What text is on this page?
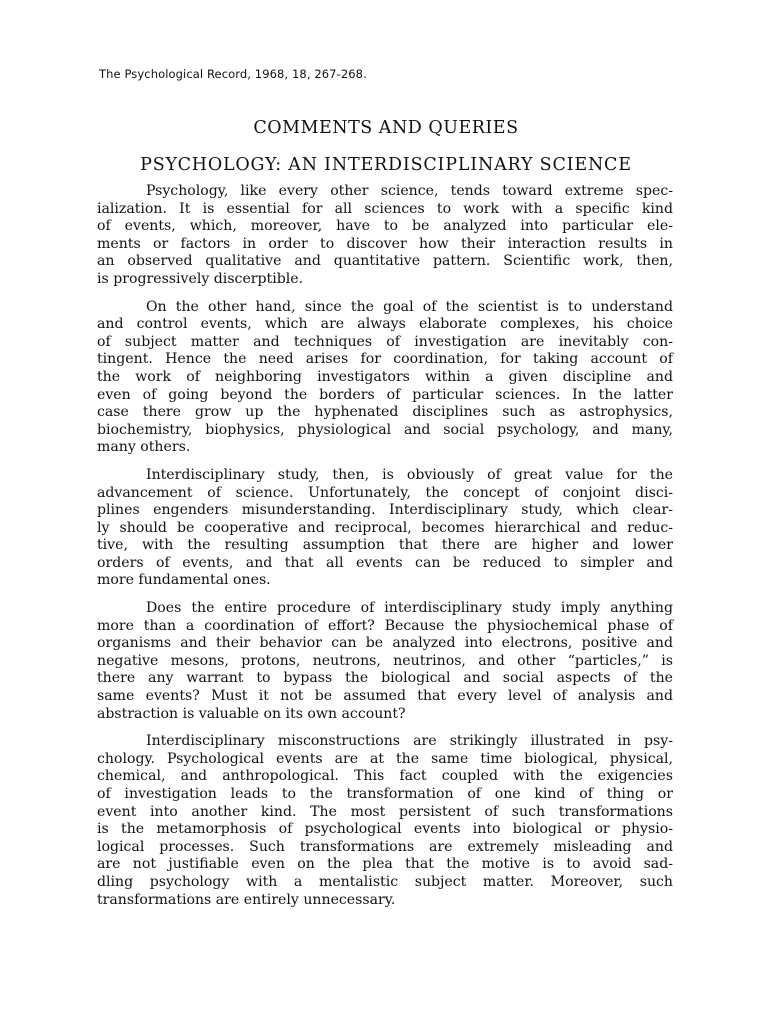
The Psychological Record, 1968, 18, 267-268.
COMMENTS AND QUERIES
PSYCHOLOGY: AN INTERDISCIPLINARY SCIENCE
Psychology, like every other science, tends toward extreme spec-
ialization. It is essential for all sciences to work with a specific kind
of events, which, moreover, have to be analyzed into particular ele-
ments or factors in order to discover how their interaction results in
an observed qualitative and quantitative pattern. Scientific work, then,
is progressively discerptible.
On the other hand, since the goal of the scientist is to understand
and control events, which are always elaborate complexes, his choice
of subject matter and techniques of investigation are inevitably con-
tingent. Hence the need arises for coordination, for taking account of
the work of neighboring investigators within a given discipline and
even of going beyond the borders of particular sciences. In the latter
case there grow up the hyphenated disciplines such as astrophysics,
biochemistry, biophysics, physiological and social psychology, and many,
many others.
Interdisciplinary study, then, is obviously of great value for the
advancement of science. Unfortunately, the concept of conjoint disci-
plines engenders misunderstanding. Interdisciplinary study, which clear-
ly should be cooperative and reciprocal, becomes hierarchical and reduc-
tive, with the resulting assumption that there are higher and lower
orders of events, and that all events can be reduced to simpler and
more fundamental ones.
Does the entire procedure of interdisciplinary study imply anything
more than a coordination of effort? Because the physiochemical phase of
organisms and their behavior can be analyzed into electrons, positive and
negative mesons, protons, neutrons, neutrinos, and other “particles,” is
there any warrant to bypass the biological and social aspects of the
same events? Must it not be assumed that every level of analysis and
abstraction is valuable on its own account?
Interdisciplinary misconstructions are strikingly illustrated in psy-
chology. Psychological events are at the same time biological, physical,
chemical, and anthropological. This fact coupled with the exigencies
of investigation leads to the transformation of one kind of thing or
event into another kind. The most persistent of such transformations
is the metamorphosis of psychological events into biological or physio-
logical processes. Such transformations are extremely misleading and
are not justifiable even on the plea that the motive is to avoid sad-
dling psychology with a mentalistic subject matter. Moreover, such
transformations are entirely unnecessary.
